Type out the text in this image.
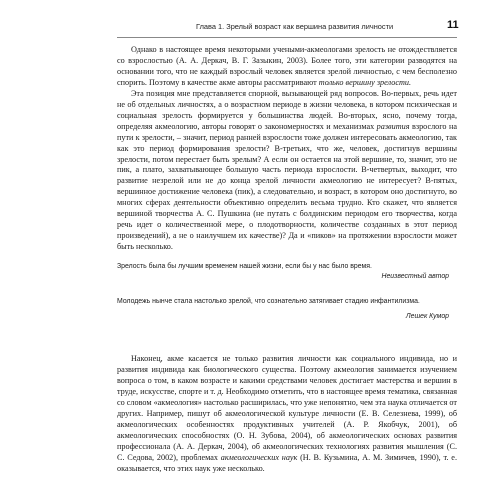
Глава 1. Зрелый возраст как вершина развития личности	11

Однако в настоящее время некоторыми учеными-акмеологами зрелость не отождествляется со взрослостью (А. А. Деркач, В. Г. Зазыкин, 2003). Более того, эти категории разводятся на основании того, что не каждый взрослый человек является зрелой личностью, с чем бесполезно спорить. Поэтому в качестве акме авторы рассматривают только вершину зрелости.

Эта позиция мне представляется спорной, вызывающей ряд вопросов. Во-первых, речь идет не об отдельных личностях, а о возрастном периоде в жизни человека, в котором психическая и социальная зрелость формируется у большинства людей. Во-вторых, ясно, почему тогда, определяя акмеологию, авторы говорят о закономерностях и механизмах развития взрослого на пути к зрелости, – значит, период ранней взрослости тоже должен интересовать акмеологию, так как это период формирования зрелости? В-третьих, что же, человек, достигнув вершины зрелости, потом перестает быть зрелым? А если он остается на этой вершине, то, значит, это не пик, а плато, захватывающее большую часть периода взрослости. В-четвертых, выходит, что развитие незрелой или не до конца зрелой личности акмеологию не интересует? В-пятых, вершинное достижение человека (пик), а следовательно, и возраст, в котором оно достигнуто, во многих сферах деятельности объективно определить весьма трудно. Кто скажет, что является вершиной творчества А. С. Пушкина (не путать с болдинским периодом его творчества, когда речь идет о количественной мере, о плодотворности, количестве созданных в этот период произведений), а не о наилучшем их качестве)? Да и «пиков» на протяжении взрослости может быть несколько.

Зрелость была бы лучшим временем нашей жизни, если бы у нас было время.

Неизвестный автор

Молодежь нынче стала настолько зрелой, что сознательно затягивает стадию инфантилизма.

Лешек Кумор

Наконец, акме касается не только развития личности как социального индивида, но и развития индивида как биологического существа. Поэтому акмеология занимается изучением вопроса о том, в каком возрасте и какими средствами человек достигает мастерства и вершин в труде, искусстве, спорте и т. д. Необходимо отметить, что в настоящее время тематика, связанная со словом «акмеология» настолько расширилась, что уже непонятно, чем эта наука отличается от других. Например, пишут об акмеологической культуре личности (Е. В. Селезнева, 1999), об акмеологических особенностях продуктивных учителей (А. Р. Якобчук, 2001), об акмеологических способностях (О. Н. Зубова, 2004), об акмеологических основах развития профессионала (А. А. Деркач, 2004), об акмеологических технологиях развития мышления (С. С. Седова, 2002), проблемах акмеологических наук (Н. В. Кузьмина, А. М. Зимичев, 1990), т. е. оказывается, что этих наук уже несколько.
